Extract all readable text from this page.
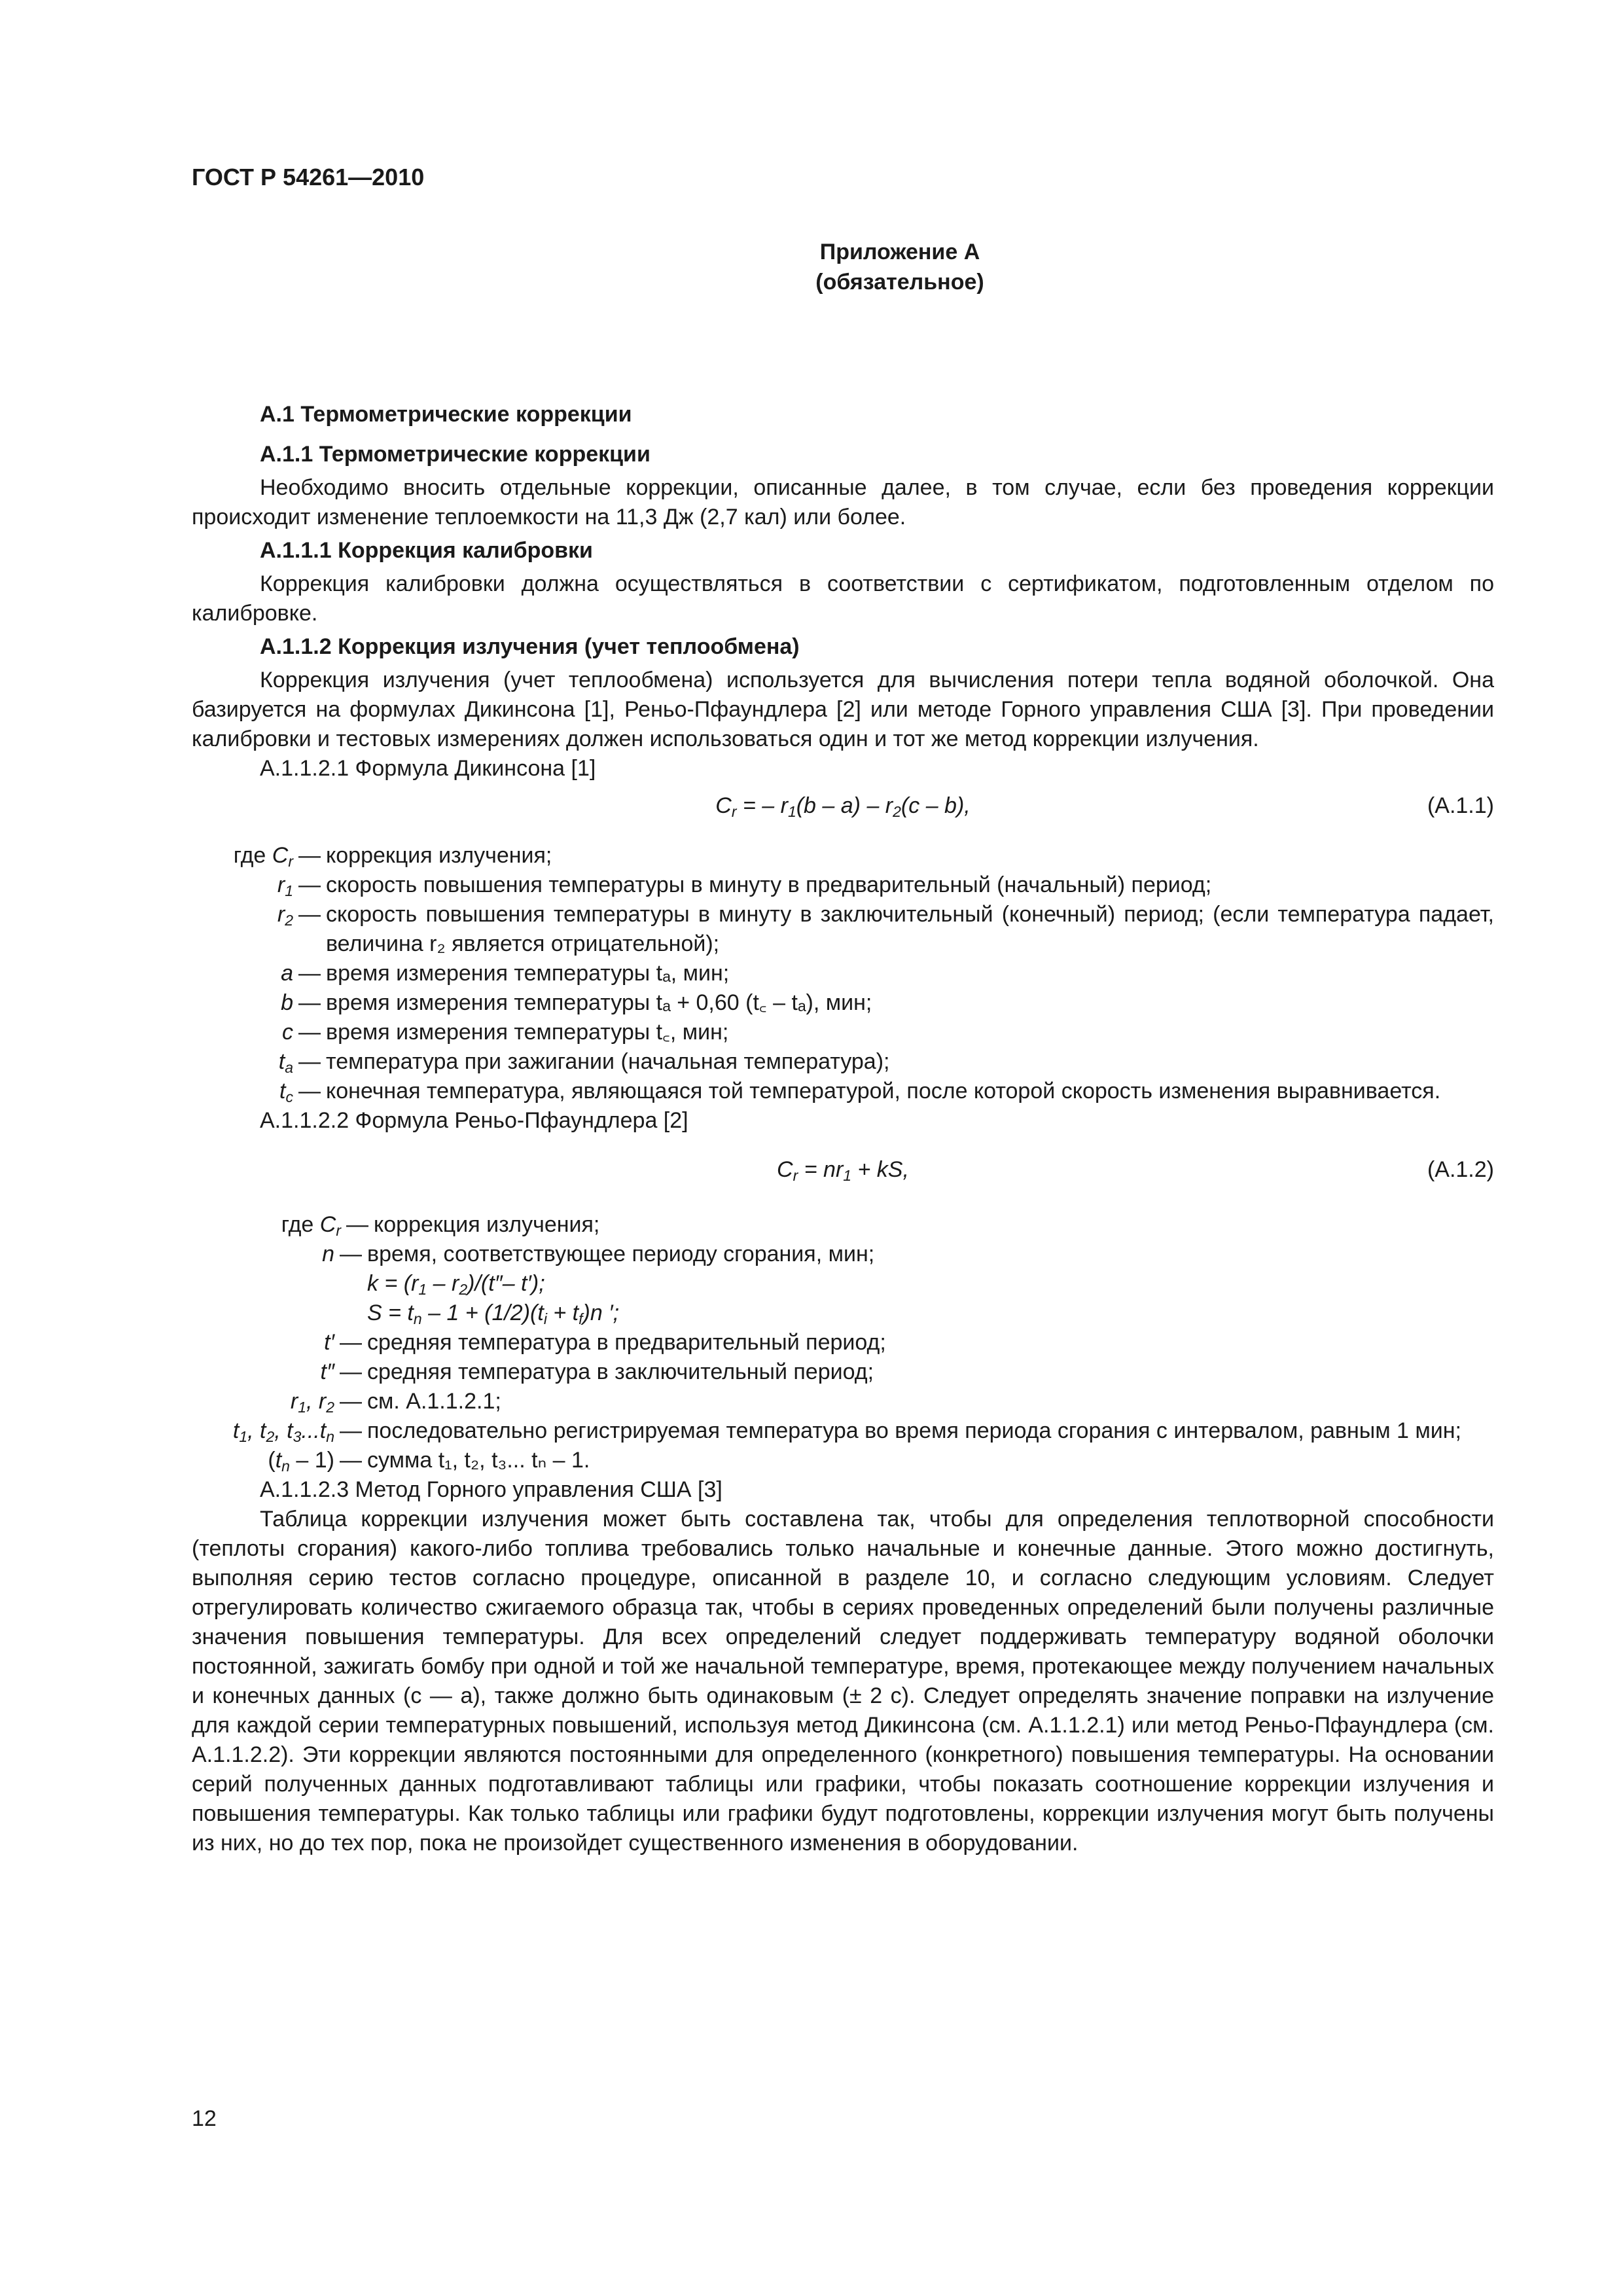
ГОСТ Р 54261—2010
Приложение А
(обязательное)

А.1 Термометрические коррекции

А.1.1 Термометрические коррекции

Необходимо вносить отдельные коррекции, описанные далее, в том случае, если без проведения коррекции происходит изменение теплоемкости на 11,3 Дж (2,7 кал) или более.

А.1.1.1 Коррекция калибровки

Коррекция калибровки должна осуществляться в соответствии с сертификатом, подготовленным отделом по калибровке.

А.1.1.2 Коррекция излучения (учет теплообмена)

Коррекция излучения (учет теплообмена) используется для вычисления потери тепла водяной оболочкой. Она базируется на формулах Дикинсона [1], Реньо-Пфаундлера [2] или методе Горного управления США [3]. При проведении калибровки и тестовых измерениях должен использоваться один и тот же метод коррекции излучения.

А.1.1.2.1 Формула Дикинсона [1]

$C_r$ = – $r_1(b - a) - r_2(c - b)$,	(А.1.1)
где $C_r$ — коррекция излучения;
$r_1$ — скорость повышения температуры в минуту в предварительный (начальный) период;
$r_2$ — скорость повышения температуры в минуту в заключительный (конечный) период; (если температура падает, величина r₂ является отрицательной);
a — время измерения температуры tₐ, мин;
b — время измерения температуры tₐ + 0,60 (t꜀ – tₐ), мин;
c — время измерения температуры t꜀, мин;
$t_a$ — температура при зажигании (начальная температура);
$t_c$ — конечная температура, являющаяся той температурой, после которой скорость изменения выравнивается.

А.1.1.2.2 Формула Реньо-Пфаундлера [2]

$C_r = nr_1$ + kS,	(А.1.2)
где $C_r$ — коррекция излучения;
n — время, соответствующее периоду сгорания, мин;
$k = (r_1 - r_2)/(t''-$ t′);
$S = t_n - 1 + (1/2)(t_i + t_f)n$ ′;
t′ — средняя температура в предварительный период;
t″ — средняя температура в заключительный период;
$r_1$, $r_2$ — см. А.1.1.2.1;
$t_1$, $t_2$, $t_3...t_n$ — последовательно регистрируемая температура во время периода сгорания с интервалом, равным 1 мин;
$(t_n - 1)$ — сумма t₁, t₂, t₃... tₙ – 1.

А.1.1.2.3 Метод Горного управления США [3]

Таблица коррекции излучения может быть составлена так, чтобы для определения теплотворной способности (теплоты сгорания) какого-либо топлива требовались только начальные и конечные данные. Этого можно достигнуть, выполняя серию тестов согласно процедуре, описанной в разделе 10, и согласно следующим условиям. Следует отрегулировать количество сжигаемого образца так, чтобы в сериях проведенных определений были получены различные значения повышения температуры. Для всех определений следует поддерживать температуру водяной оболочки постоянной, зажигать бомбу при одной и той же начальной температуре, время, протекающее между получением начальных и конечных данных (с — а), также должно быть одинаковым (± 2 с). Следует определять значение поправки на излучение для каждой серии температурных повышений, используя метод Дикинсона (см. А.1.1.2.1) или метод Реньо-Пфаундлера (см. А.1.1.2.2). Эти коррекции являются постоянными для определенного (конкретного) повышения температуры. На основании серий полученных данных подготавливают таблицы или графики, чтобы показать соотношение коррекции излучения и повышения температуры. Как только таблицы или графики будут подготовлены, коррекции излучения могут быть получены из них, но до тех пор, пока не произойдет существенного изменения в оборудовании.

12
